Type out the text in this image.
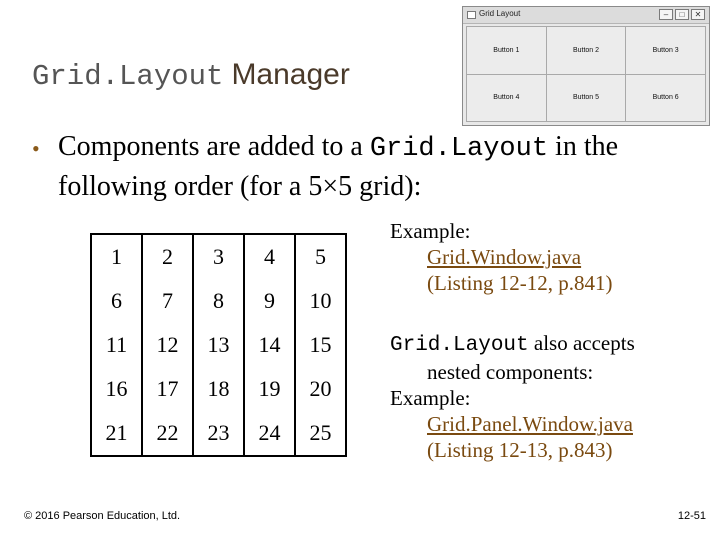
Grid.Layout Manager
Grid Layout	–	□	✕
Button 1	Button 2	Button 3
Button 4	Button 5	Button 6
• Components are added to a Grid.Layout in the following order (for a 5×5 grid):
1	2	3	4	5
6	7	8	9	10
11	12	13	14	15
16	17	18	19	20
21	22	23	24	25
Example:
Grid.Window.java
(Listing 12-12, p.841)
Grid.Layout also accepts
nested components:
Example:
Grid.Panel.Window.java
(Listing 12-13, p.843)
© 2016 Pearson Education, Ltd.	12-51
